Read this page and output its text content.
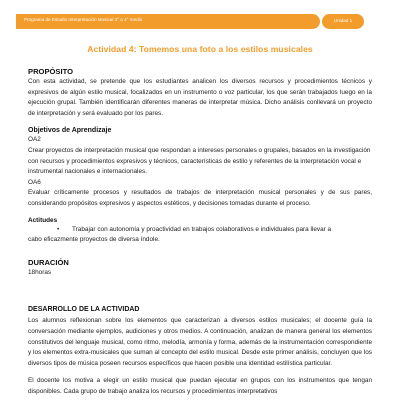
Programa de Estudio Interpretación Musical 3° a 4° medio	Unidad 1
Actividad 4: Tomemos una foto a los estilos musicales
PROPÓSITO

Con esta actividad, se pretende que los estudiantes analicen los diversos recursos y procedimientos técnicos y expresivos de algún estilo musical, focalizados en un instrumento o voz particular, los que serán trabajados luego en la ejecución grupal. También identificarán diferentes maneras de interpretar música. Dicho análisis conllevará un proyecto de interpretación y será evaluado por los pares.

Objetivos de Aprendizaje
OA2

Crear proyectos de interpretación musical que respondan a intereses personales o grupales, basados en la investigación con recursos y procedimientos expresivos y técnicos, características de estilo y referentes de la interpretación vocal e instrumental nacionales e internacionales.

OA6

Evaluar críticamente procesos y resultados de trabajos de interpretación musical personales y de sus pares, considerando propósitos expresivos y aspectos estéticos, y decisiones tomadas durante el proceso.

Actitudes
• Trabajar con autonomía y proactividad en trabajos colaborativos e individuales para llevar a
cabo eficazmente proyectos de diversa índole.
DURACIÓN

18horas

DESARROLLO DE LA ACTIVIDAD

Los alumnos reflexionan sobre los elementos que caracterizan a diversos estilos musicales; el docente guía la conversación mediante ejemplos, audiciones y otros medios. A continuación, analizan de manera general los elementos constitutivos del lenguaje musical, como ritmo, melodía, armonía y forma, además de la instrumentación correspondiente y los elementos extra-musicales que suman al concepto del estilo musical. Desde este primer análisis, concluyen que los diversos tipos de música poseen recursos específicos que hacen posible una identidad estilística particular.

El docente los motiva a elegir un estilo musical que puedan ejecutar en grupos con los instrumentos que tengan disponibles. Cada grupo de trabajo analiza los recursos y procedimientos interpretativos
